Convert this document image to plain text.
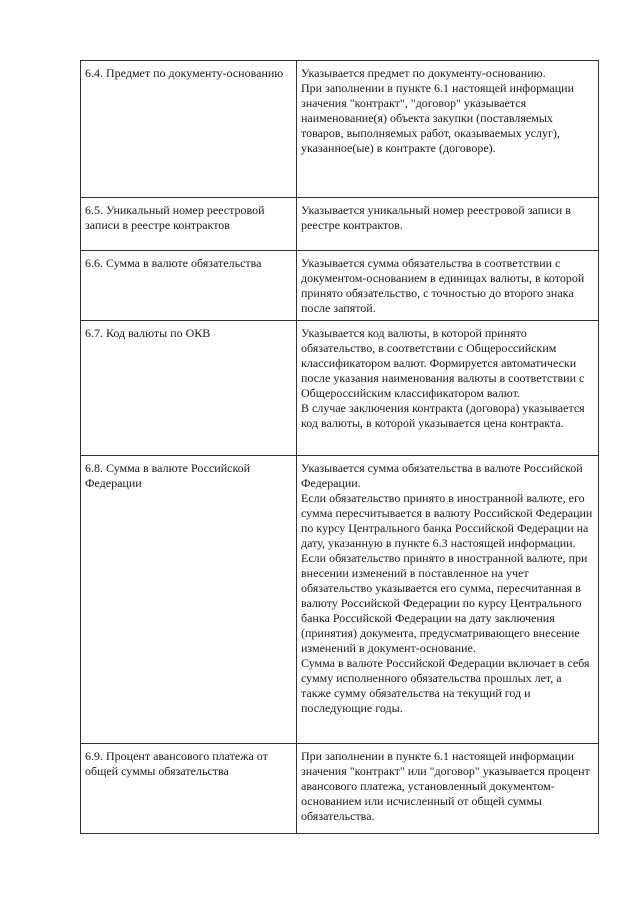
6.4. Предмет по документу-основанию	Указывается предмет по документу-основанию.
При заполнении в пункте 6.1 настоящей информации значения "контракт", "договор" указывается наименование(я) объекта закупки (поставляемых товаров, выполняемых работ, оказываемых услуг), указанное(ые) в контракте (договоре).

6.5. Уникальный номер реестровой записи в реестре контрактов	Указывается уникальный номер реестровой записи в реестре контрактов.

6.6. Сумма в валюте обязательства	Указывается сумма обязательства в соответствии с документом-основанием в единицах валюты, в которой принято обязательство, с точностью до второго знака после запятой.

6.7. Код валюты по ОКВ	Указывается код валюты, в которой принято обязательство, в соответствии с Общероссийским классификатором валют. Формируется автоматически после указания наименования валюты в соответствии с Общероссийским классификатором валют.
В случае заключения контракта (договора) указывается код валюты, в которой указывается цена контракта.

6.8. Сумма в валюте Российской Федерации	Указывается сумма обязательства в валюте Российской Федерации.
Если обязательство принято в иностранной валюте, его сумма пересчитывается в валюту Российской Федерации по курсу Центрального банка Российской Федерации на дату, указанную в пункте 6.3 настоящей информации.
Если обязательство принято в иностранной валюте, при внесении изменений в поставленное на учет обязательство указывается его сумма, пересчитанная в валюту Российской Федерации по курсу Центрального банка Российской Федерации на дату заключения (принятия) документа, предусматривающего внесение изменений в документ-основание.
Сумма в валюте Российской Федерации включает в себя сумму исполненного обязательства прошлых лет, а также сумму обязательства на текущий год и последующие годы.

6.9. Процент авансового платежа от общей суммы обязательства	При заполнении в пункте 6.1 настоящей информации значения "контракт" или "договор" указывается процент авансового платежа, установленный документом-основанием или исчисленный от общей суммы обязательства.
